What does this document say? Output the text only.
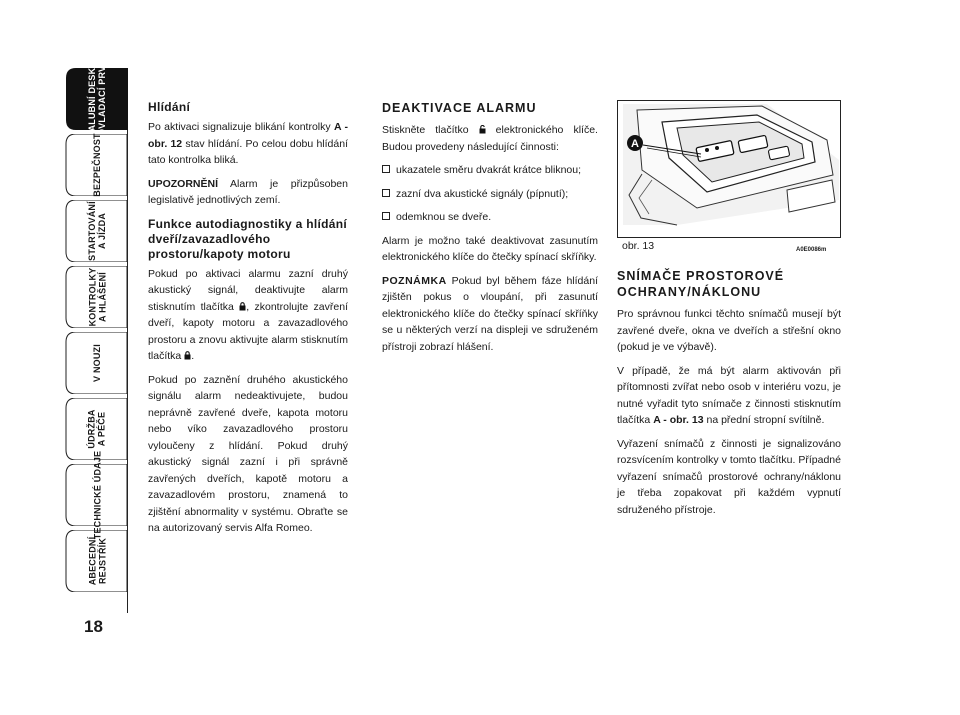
PALUBNÍ DESKA
A OVLADACÍ PRVKY
BEZPEČNOST
STARTOVÁNÍ
A JÍZDA
KONTROLKY
A HLÁŠENÍ
V NOUZI
ÚDRŽBA
A PÉČE
TECHNICKÉ ÚDAJE
ABECEDNÍ
REJSTŘÍK
18
Hlídání

Po aktivaci signalizuje blikání kontrolky A - obr. 12 stav hlídání. Po celou dobu hlídání tato kontrolka bliká.

UPOZORNĚNÍ Alarm je přizpůsoben legislativě jednotlivých zemí.

Funkce autodiagnostiky a hlídání dveří/zavazadlového prostoru/kapoty motoru

Pokud po aktivaci alarmu zazní druhý akustický signál, deaktivujte alarm stisknutím tlačítka , zkontrolujte zavření dveří, kapoty motoru a zavazadlového prostoru a znovu aktivujte alarm stisknutím tlačítka .

Pokud po zaznění druhého akustického signálu alarm nedeaktivujete, budou neprávně zavřené dveře, kapota motoru nebo víko zavazadlového prostoru vyloučeny z hlídání. Pokud druhý akustický signál zazní i při správně zavřených dveřích, kapotě motoru a zavazadlovém prostoru, znamená to zjištění abnormality v systému. Obraťte se na autorizovaný servis Alfa Romeo.

DEAKTIVACE ALARMU

Stiskněte tlačítko  elektronického klíče. Budou provedeny následující činnosti:

ukazatele směru dvakrát krátce bliknou;
zazní dva akustické signály (pípnutí);
odemknou se dveře.

Alarm je možno také deaktivovat zasunutím elektronického klíče do čtečky spínací skříňky.

POZNÁMKA Pokud byl během fáze hlídání zjištěn pokus o vloupání, při zasunutí elektronického klíče do čtečky spínací skříňky se u některých verzí na displeji ve sdruženém přístroji zobrazí hlášení.

A
obr. 13	A0E0086m
SNÍMAČE PROSTOROVÉ OCHRANY/NÁKLONU

Pro správnou funkci těchto snímačů musejí být zavřené dveře, okna ve dveřích a střešní okno (pokud je ve výbavě).

V případě, že má být alarm aktivován při přítomnosti zvířat nebo osob v interiéru vozu, je nutné vyřadit tyto snímače z činnosti stisknutím tlačítka A - obr. 13 na přední stropní svítilně.

Vyřazení snímačů z činnosti je signalizováno rozsvícením kontrolky v tomto tlačítku. Případné vyřazení snímačů prostorové ochrany/náklonu je třeba zopakovat při každém vypnutí sdruženého přístroje.
